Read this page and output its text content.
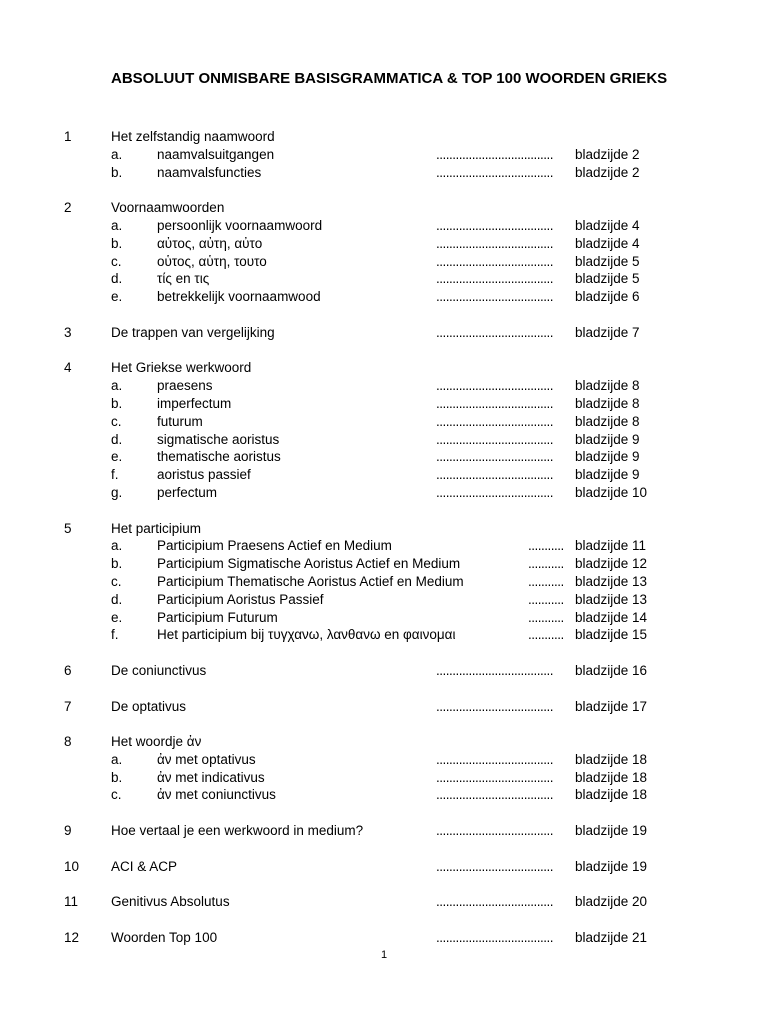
ABSOLUUT ONMISBARE BASISGRAMMATICA & TOP 100 WOORDEN GRIEKS
1	Het zelfstandig naamwoord
a.	naamvalsuitgangen	.................................... bladzijde 2
b.	naamvalsfuncties	.................................... bladzijde 2
2	Voornaamwoorden
a.	persoonlijk voornaamwoord	.................................... bladzijde 4
b.	αὐτος, αὐτη, αὐτο	.................................... bladzijde 4
c.	οὑτος, αὑτη, τουτο	.................................... bladzijde 5
d.	τίς en τις	.................................... bladzijde 5
e.	betrekkelijk voornaamwood	.................................... bladzijde 6
3	De trappen van vergelijking	.................................... bladzijde 7
4	Het Griekse werkwoord
a.	praesens	.................................... bladzijde 8
b.	imperfectum	.................................... bladzijde 8
c.	futurum	.................................... bladzijde 8
d.	sigmatische aoristus	.................................... bladzijde 9
e.	thematische aoristus	.................................... bladzijde 9
f.	aoristus passief	.................................... bladzijde 9
g.	perfectum	.................................... bladzijde 10
5	Het participium
a.	Participium Praesens Actief en Medium	........... bladzijde 11
b.	Participium Sigmatische Aoristus Actief en Medium	........... bladzijde 12
c.	Participium Thematische Aoristus Actief en Medium	........... bladzijde 13
d.	Participium Aoristus Passief	........... bladzijde 13
e.	Participium Futurum	........... bladzijde 14
f.	Het participium bij τυγχανω, λανθανω en φαινομαι	........... bladzijde 15
6	De coniunctivus	.................................... bladzijde 16
7	De optativus	.................................... bladzijde 17
8	Het woordje ἀν
a.	ἀν met optativus	.................................... bladzijde 18
b.	ἀν met indicativus	.................................... bladzijde 18
c.	ἀν met coniunctivus	.................................... bladzijde 18
9	Hoe vertaal je een werkwoord in medium?	.................................... bladzijde 19
10 ACI & ACP	.................................... bladzijde 19
11 Genitivus Absolutus	.................................... bladzijde 20
12 Woorden Top 100	.................................... bladzijde 21
1
